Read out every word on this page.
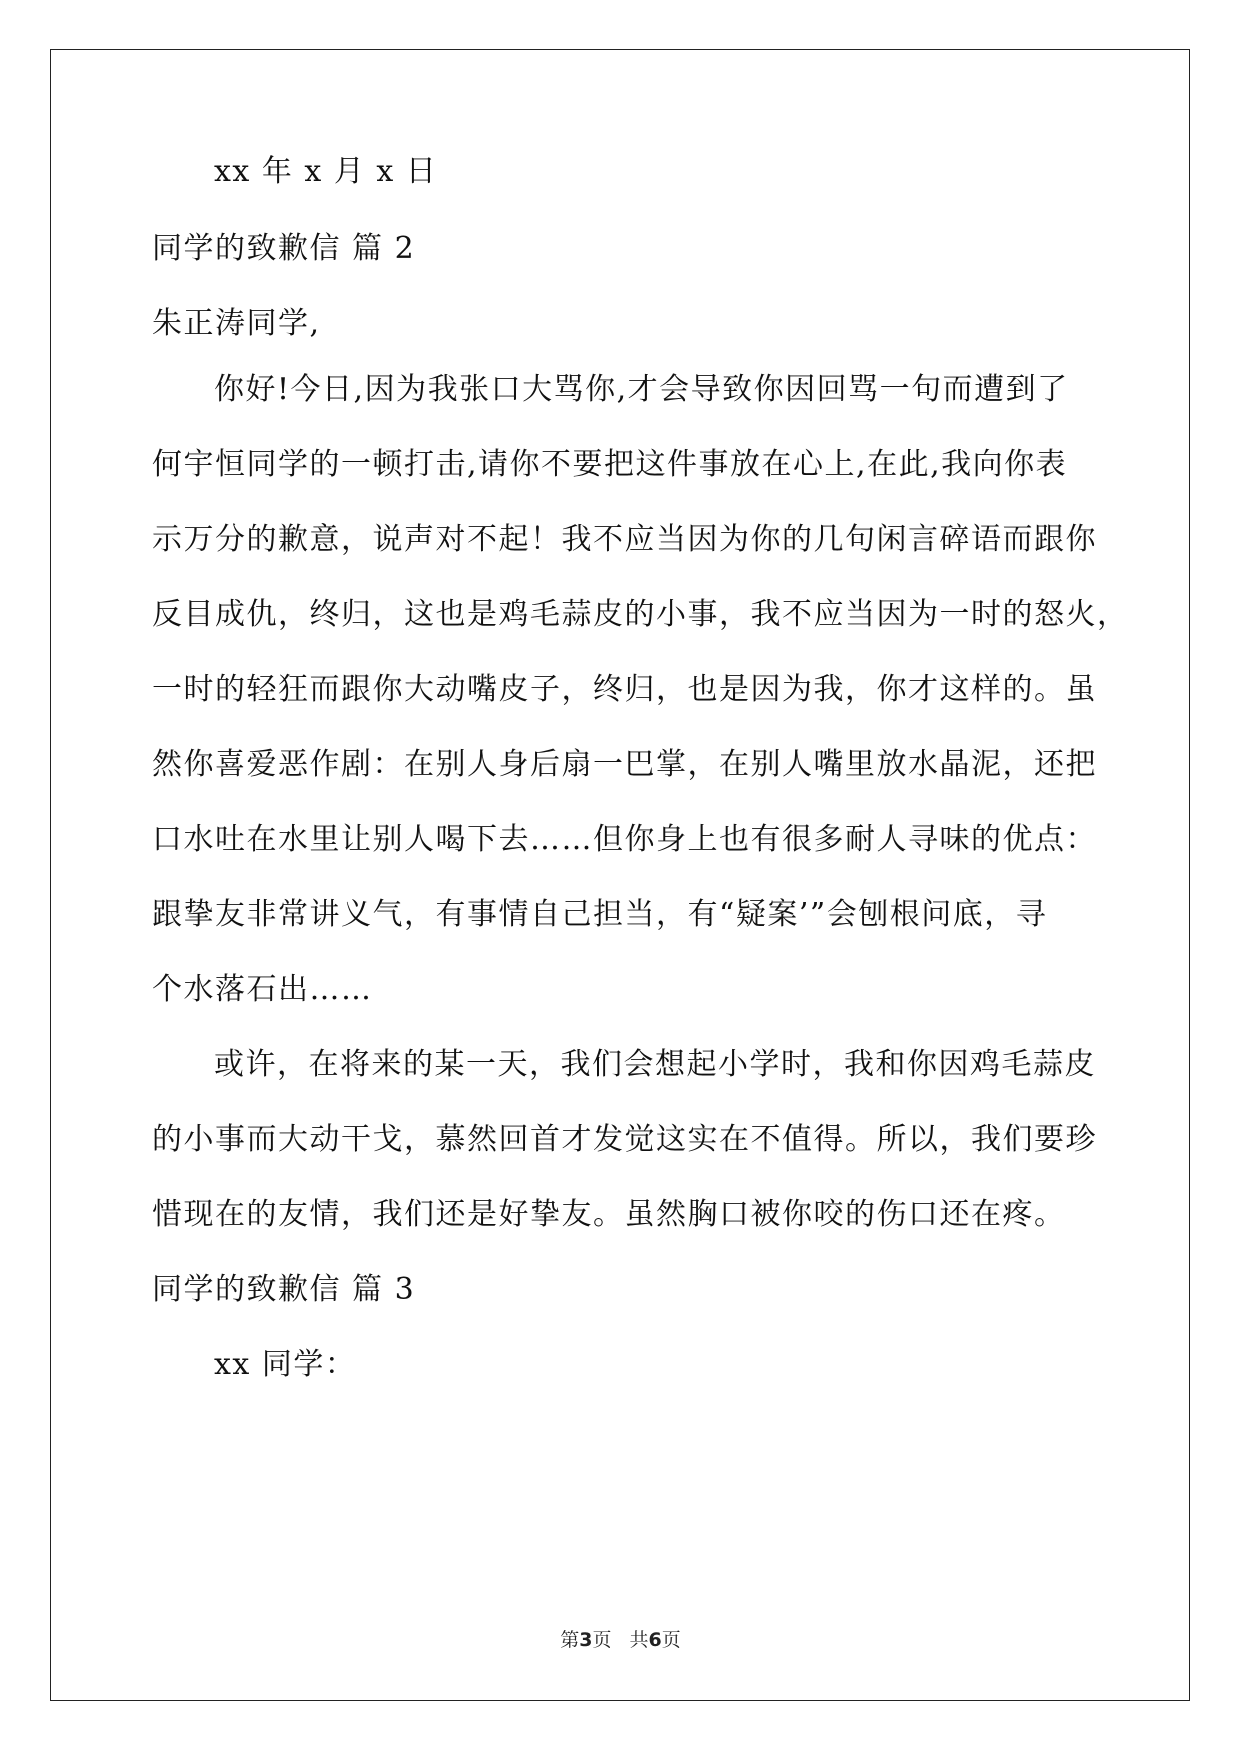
xx 年 x 月 x 日
同学的致歉信 篇 2
朱正涛同学,
你好!今日,因为我张口大骂你,才会导致你因回骂一句而遭到了
何宇恒同学的一顿打击,请你不要把这件事放在心上,在此,我向你表
示万分的歉意，说声对不起！我不应当因为你的几句闲言碎语而跟你
反目成仇，终归，这也是鸡毛蒜皮的小事，我不应当因为一时的怒火，
一时的轻狂而跟你大动嘴皮子，终归，也是因为我，你才这样的。虽
然你喜爱恶作剧：在别人身后扇一巴掌，在别人嘴里放水晶泥，还把
口水吐在水里让别人喝下去……但你身上也有很多耐人寻味的优点：
跟挚友非常讲义气，有事情自己担当，有“疑案’”会刨根问底，寻
个水落石出……
或许，在将来的某一天，我们会想起小学时，我和你因鸡毛蒜皮
的小事而大动干戈，慕然回首才发觉这实在不值得。所以，我们要珍
惜现在的友情，我们还是好挚友。虽然胸口被你咬的伤口还在疼。
同学的致歉信 篇 3
xx 同学：
第3页 共6页
